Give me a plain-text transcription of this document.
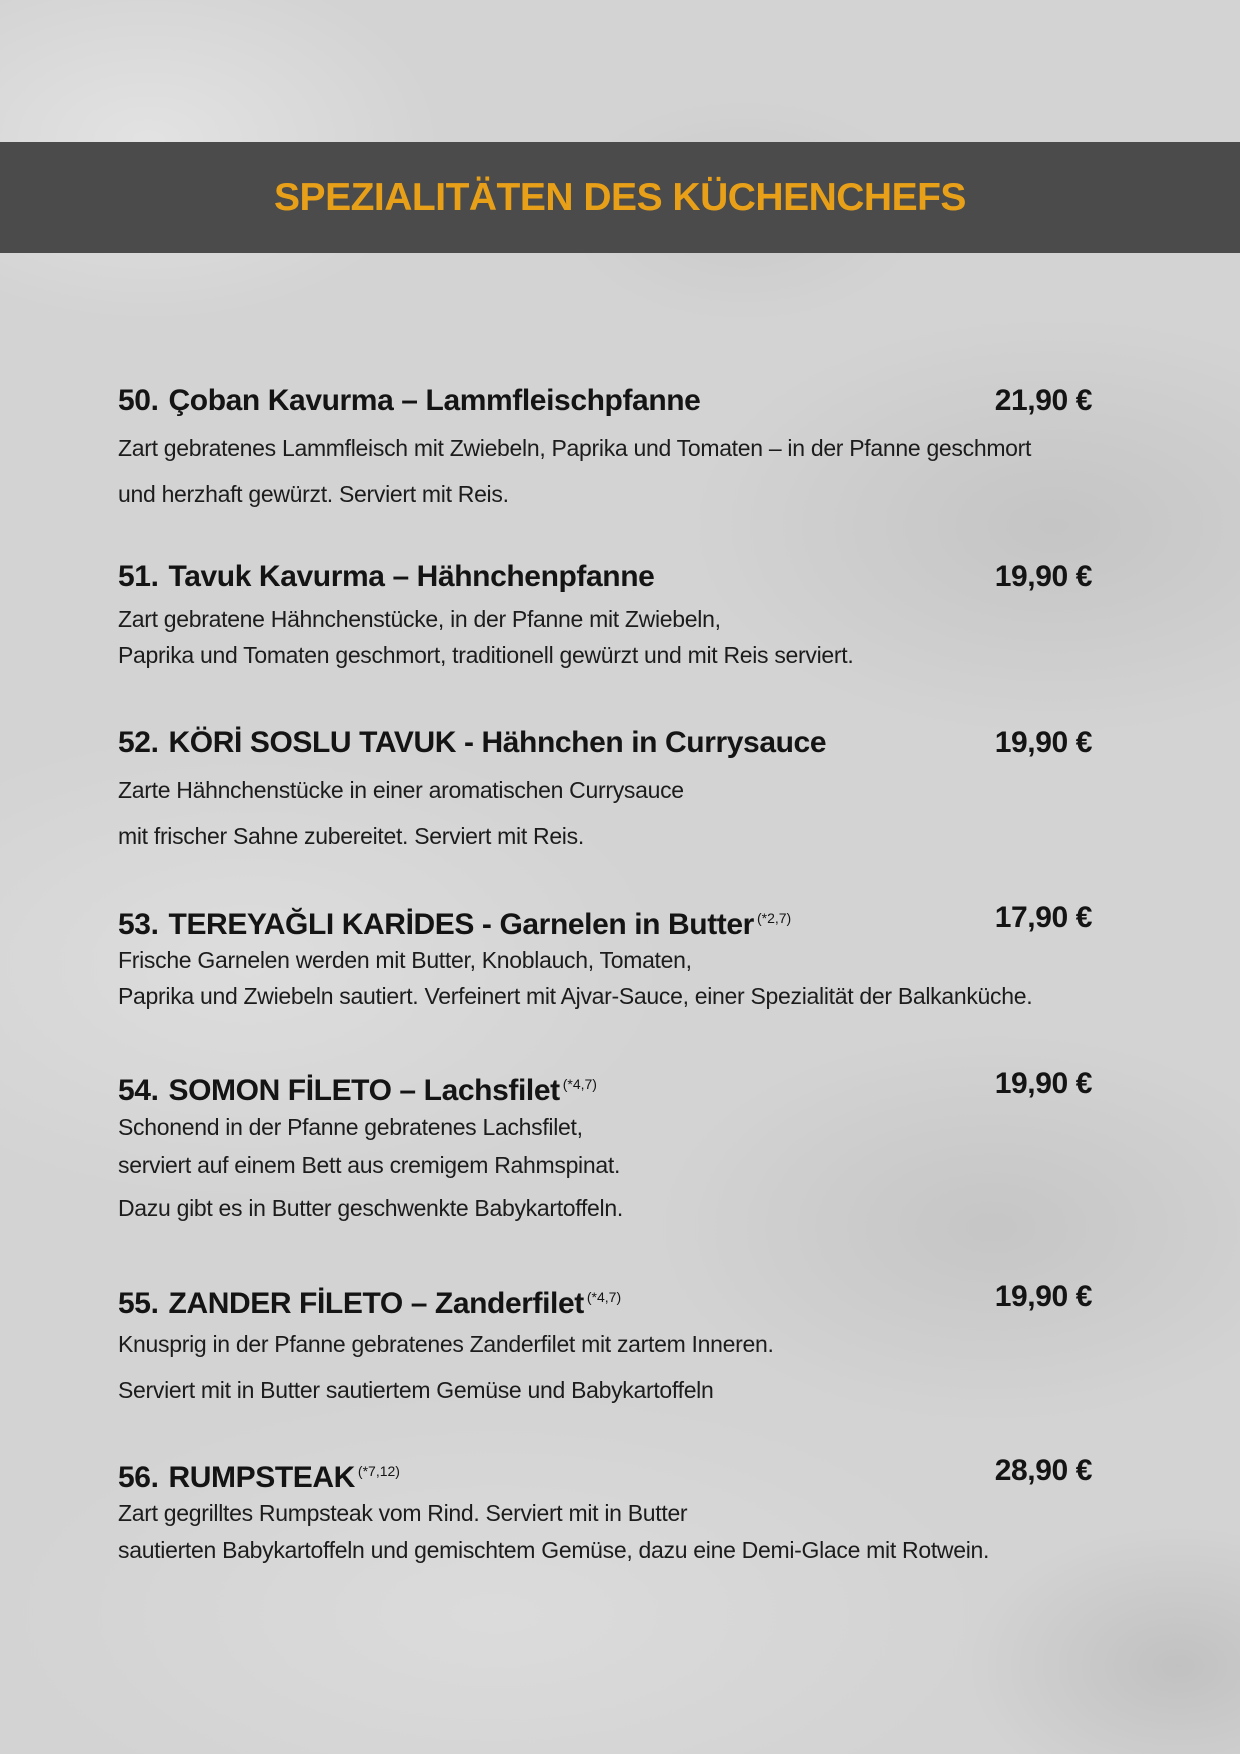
SPEZIALITÄTEN DES KÜCHENCHEFS
50. Çoban Kavurma – Lammfleischpfanne	21,90 €
Zart gebratenes Lammfleisch mit Zwiebeln, Paprika und Tomaten – in der Pfanne geschmort
und herzhaft gewürzt. Serviert mit Reis.
51. Tavuk Kavurma – Hähnchenpfanne	19,90 €
Zart gebratene Hähnchenstücke, in der Pfanne mit Zwiebeln,
Paprika und Tomaten geschmort, traditionell gewürzt und mit Reis serviert.
52. KÖRİ SOSLU TAVUK - Hähnchen in Currysauce	19,90 €
Zarte Hähnchenstücke in einer aromatischen Currysauce
mit frischer Sahne zubereitet. Serviert mit Reis.
53. TEREYAĞLI KARİDES - Garnelen in Butter $^{(*2,7)}$	17,90 €
Frische Garnelen werden mit Butter, Knoblauch, Tomaten,
Paprika und Zwiebeln sautiert. Verfeinert mit Ajvar-Sauce, einer Spezialität der Balkanküche.
54. SOMON FİLETO – Lachsfilet $^{(*4,7)}$	19,90 €
Schonend in der Pfanne gebratenes Lachsfilet,
serviert auf einem Bett aus cremigem Rahmspinat.
Dazu gibt es in Butter geschwenkte Babykartoffeln.
55. ZANDER FİLETO – Zanderfilet $^{(*4,7)}$	19,90 €
Knusprig in der Pfanne gebratenes Zanderfilet mit zartem Inneren.
Serviert mit in Butter sautiertem Gemüse und Babykartoffeln
56. RUMPSTEAK $^{(*7,12)}$	28,90 €
Zart gegrilltes Rumpsteak vom Rind. Serviert mit in Butter
sautierten Babykartoffeln und gemischtem Gemüse, dazu eine Demi-Glace mit Rotwein.
